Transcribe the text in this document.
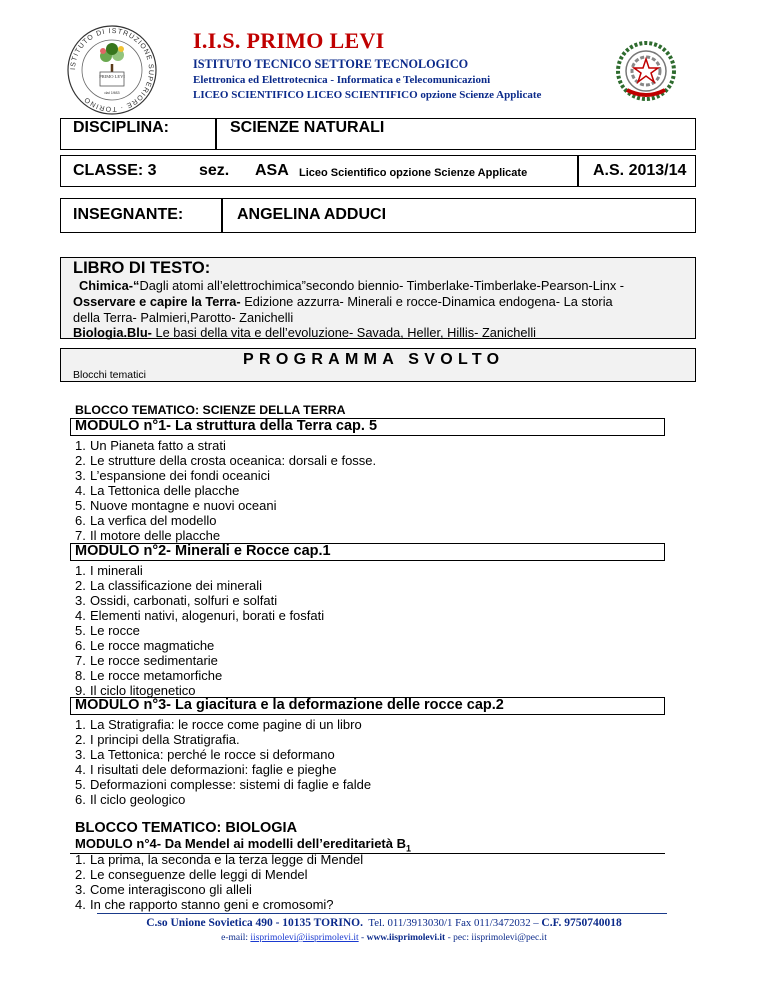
ISTITUTO DI ISTRUZIONE SUPERIORE · TORINO
PRIMO LEVI
dal 1983
I.I.S. PRIMO LEVI
ISTITUTO TECNICO SETTORE TECNOLOGICO
Elettronica ed Elettrotecnica - Informatica e Telecomunicazioni
LICEO SCIENTIFICO LICEO SCIENTIFICO opzione Scienze Applicate
DISCIPLINA:	SCIENZE NATURALI
CLASSE: 3	sez. ASA Liceo Scientifico opzione Scienze Applicate	A.S. 2013/14
INSEGNANTE:	ANGELINA ADDUCI
LIBRO DI TESTO:
Chimica-“Dagli atomi all’elettrochimica”secondo biennio- Timberlake-Timberlake-Pearson-Linx -
Osservare e capire la Terra- Edizione azzurra- Minerali e rocce-Dinamica endogena- La storia
della Terra- Palmieri,Parotto- Zanichelli
Biologia.Blu- Le basi della vita e dell’evoluzione- Savada, Heller, Hillis- Zanichelli
PROGRAMMA SVOLTO
Blocchi tematici
BLOCCO TEMATICO: SCIENZE DELLA TERRA
MODULO n°1- La struttura della Terra cap. 5
1. Un Pianeta fatto a strati
2. Le strutture della crosta oceanica: dorsali e fosse.
3. L’espansione dei fondi oceanici
4. La Tettonica delle placche
5. Nuove montagne e nuovi oceani
6. La verfica del modello
7. Il motore delle placche
MODULO n°2- Minerali e Rocce cap.1
1. I minerali
2. La classificazione dei minerali
3. Ossidi, carbonati, solfuri e solfati
4. Elementi nativi, alogenuri, borati e fosfati
5. Le rocce
6. Le rocce magmatiche
7. Le rocce sedimentarie
8. Le rocce metamorfiche
9. Il ciclo litogenetico
MODULO n°3- La giacitura e la deformazione delle rocce cap.2
1. La Stratigrafia: le rocce come pagine di un libro
2. I principi della Stratigrafia.
3. La Tettonica: perché le rocce si deformano
4. I risultati dele deformazioni: faglie e pieghe
5. Deformazioni complesse: sistemi di faglie e falde
6. Il ciclo geologico
BLOCCO TEMATICO: BIOLOGIA
MODULO n°4- Da Mendel ai modelli dell’ereditarietà $B_1$
1. La prima, la seconda e la terza legge di Mendel
2. Le conseguenze delle leggi di Mendel
3. Come interagiscono gli alleli
4. In che rapporto stanno geni e cromosomi?
C.so Unione Sovietica 490 - 10135 TORINO. Tel. 011/3913030/1 Fax 011/3472032 – C.F. 9750740018
e-mail: iisprimolevi@iisprimolevi.it - www.iisprimolevi.it - pec: iisprimolevi@pec.it
